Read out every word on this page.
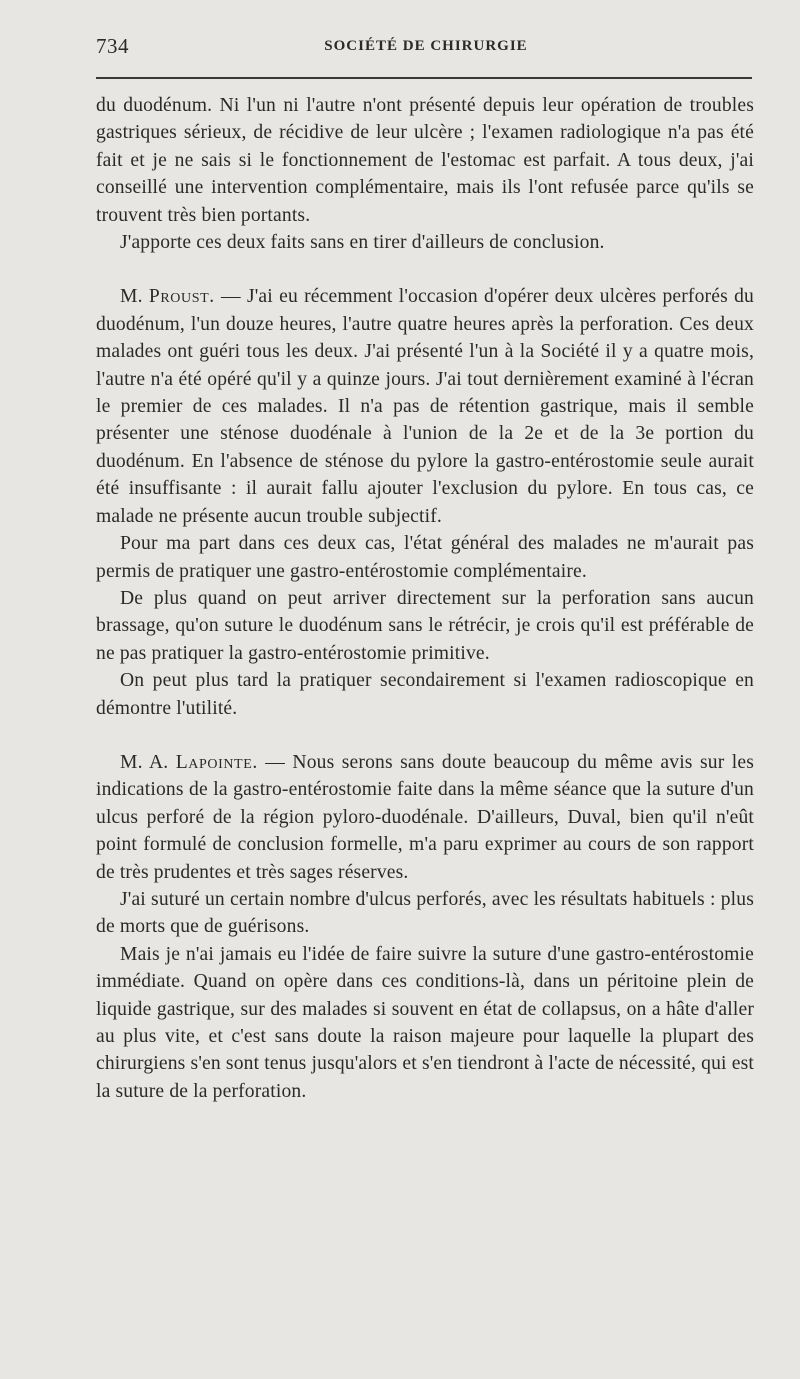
734	SOCIÉTÉ DE CHIRURGIE

du duodénum. Ni l'un ni l'autre n'ont présenté depuis leur opération de troubles gastriques sérieux, de récidive de leur ulcère ; l'examen radiologique n'a pas été fait et je ne sais si le fonctionnement de l'estomac est parfait. A tous deux, j'ai conseillé une intervention complémentaire, mais ils l'ont refusée parce qu'ils se trouvent très bien portants.

J'apporte ces deux faits sans en tirer d'ailleurs de conclusion.

M. Proust. — J'ai eu récemment l'occasion d'opérer deux ulcères perforés du duodénum, l'un douze heures, l'autre quatre heures après la perforation. Ces deux malades ont guéri tous les deux. J'ai présenté l'un à la Société il y a quatre mois, l'autre n'a été opéré qu'il y a quinze jours. J'ai tout dernièrement examiné à l'écran le premier de ces malades. Il n'a pas de rétention gastrique, mais il semble présenter une sténose duodénale à l'union de la 2e et de la 3e portion du duodénum. En l'absence de sténose du pylore la gastro-entérostomie seule aurait été insuffisante : il aurait fallu ajouter l'exclusion du pylore. En tous cas, ce malade ne présente aucun trouble subjectif.

Pour ma part dans ces deux cas, l'état général des malades ne m'aurait pas permis de pratiquer une gastro-entérostomie complémentaire.

De plus quand on peut arriver directement sur la perforation sans aucun brassage, qu'on suture le duodénum sans le rétrécir, je crois qu'il est préférable de ne pas pratiquer la gastro-entérostomie primitive.

On peut plus tard la pratiquer secondairement si l'examen radioscopique en démontre l'utilité.

M. A. Lapointe. — Nous serons sans doute beaucoup du même avis sur les indications de la gastro-entérostomie faite dans la même séance que la suture d'un ulcus perforé de la région pyloro-duodénale. D'ailleurs, Duval, bien qu'il n'eût point formulé de conclusion formelle, m'a paru exprimer au cours de son rapport de très prudentes et très sages réserves.

J'ai suturé un certain nombre d'ulcus perforés, avec les résultats habituels : plus de morts que de guérisons.

Mais je n'ai jamais eu l'idée de faire suivre la suture d'une gastro-entérostomie immédiate. Quand on opère dans ces conditions-là, dans un péritoine plein de liquide gastrique, sur des malades si souvent en état de collapsus, on a hâte d'aller au plus vite, et c'est sans doute la raison majeure pour laquelle la plupart des chirurgiens s'en sont tenus jusqu'alors et s'en tiendront à l'acte de nécessité, qui est la suture de la perforation.
